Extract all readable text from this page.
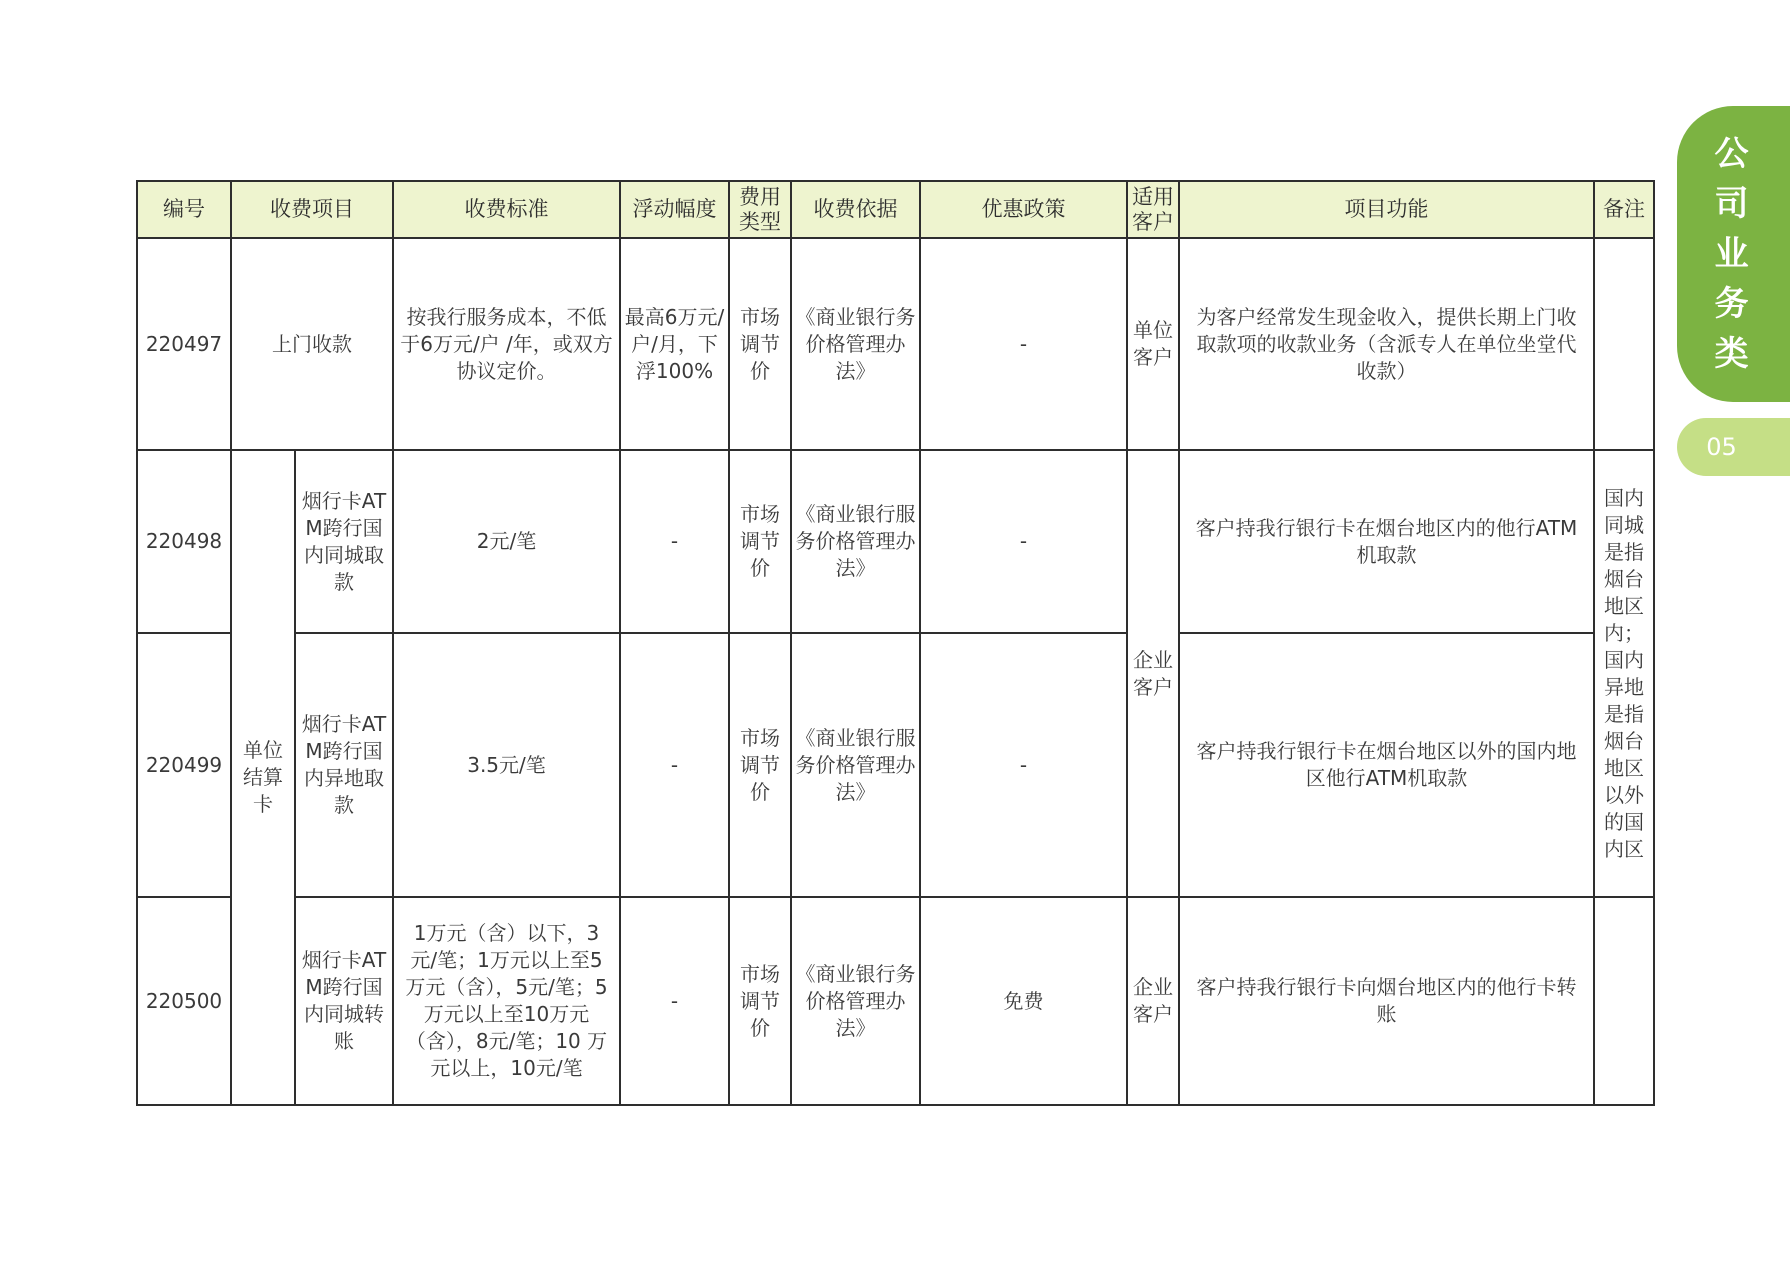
编号	收费项目		收费标准	浮动幅度	费用类型	收费依据	优惠政策	适用客户	项目功能	备注
220497	上门收款		按我行服务成本，不低于6万元/户 /年，或双方协议定价。	最高6万元/户/月，下浮100%	市场调节价	《商业银行务价格管理办法》	-	单位客户	为客户经常发生现金收入，提供长期上门收取款项的收款业务（含派专人在单位坐堂代收款）	
220498	单位结算卡	烟行卡ATM跨行国内同城取款	2元/笔	-	市场调节价	《商业银行服务价格管理办法》	-	企业客户	客户持我行银行卡在烟台地区内的他行ATM机取款	国内同城是指烟台地区内；国内异地是指烟台地区以外的国内区
220499		烟行卡ATM跨行国内异地取款	3.5元/笔	-	市场调节价	《商业银行服务价格管理办法》	-		客户持我行银行卡在烟台地区以外的国内地区他行ATM机取款	
220500		烟行卡ATM跨行国内同城转账	1万元（含）以下，3元/笔；1万元以上至5万元（含），5元/笔；5万元以上至10万元（含），8元/笔；10 万元以上，10元/笔	-	市场调节价	《商业银行务价格管理办法》	免费	企业客户	客户持我行银行卡向烟台地区内的他行卡转账	
公司业务类
05
